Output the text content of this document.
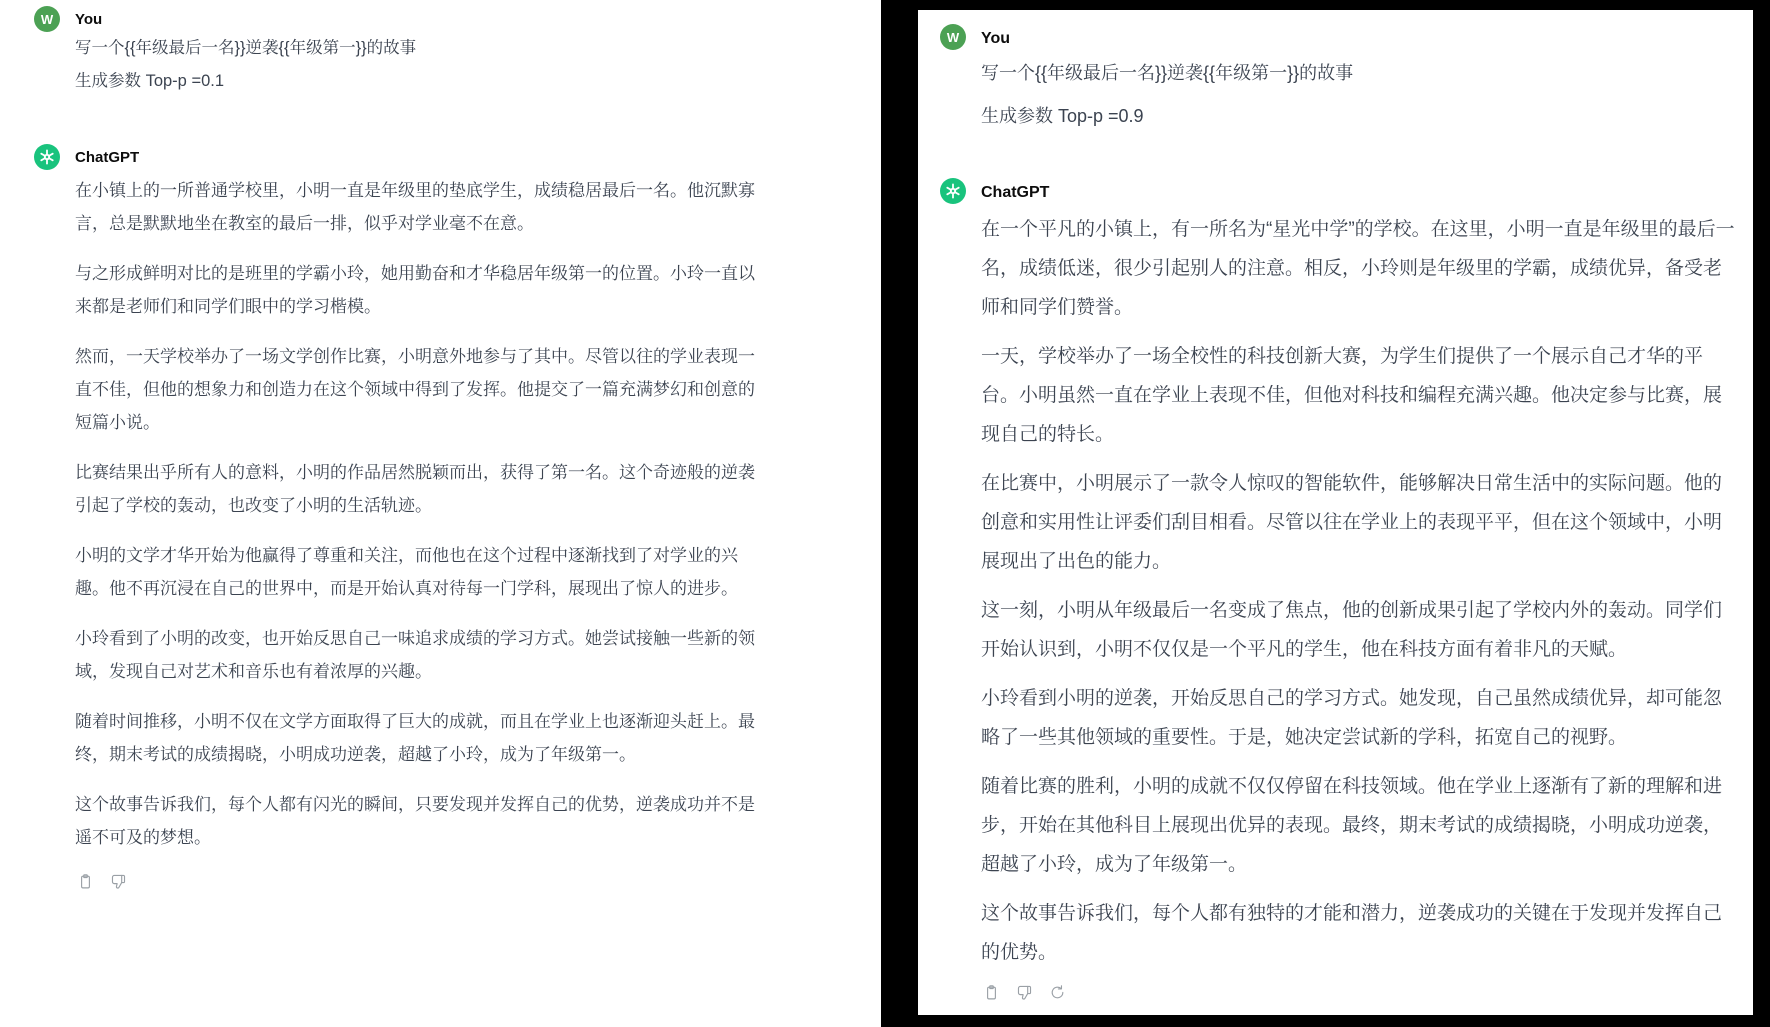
W You

写一个{{年级最后一名}}逆袭{{年级第一}}的故事

生成参数 Top-p =0.1

ChatGPT

在小镇上的一所普通学校里，小明一直是年级里的垫底学生，成绩稳居最后一名。他沉默寡言，总是默默地坐在教室的最后一排，似乎对学业毫不在意。

与之形成鲜明对比的是班里的学霸小玲，她用勤奋和才华稳居年级第一的位置。小玲一直以来都是老师们和同学们眼中的学习楷模。

然而，一天学校举办了一场文学创作比赛，小明意外地参与了其中。尽管以往的学业表现一直不佳，但他的想象力和创造力在这个领域中得到了发挥。他提交了一篇充满梦幻和创意的短篇小说。

比赛结果出乎所有人的意料，小明的作品居然脱颖而出，获得了第一名。这个奇迹般的逆袭引起了学校的轰动，也改变了小明的生活轨迹。

小明的文学才华开始为他赢得了尊重和关注，而他也在这个过程中逐渐找到了对学业的兴趣。他不再沉浸在自己的世界中，而是开始认真对待每一门学科，展现出了惊人的进步。

小玲看到了小明的改变，也开始反思自己一味追求成绩的学习方式。她尝试接触一些新的领域，发现自己对艺术和音乐也有着浓厚的兴趣。

随着时间推移，小明不仅在文学方面取得了巨大的成就，而且在学业上也逐渐迎头赶上。最终，期末考试的成绩揭晓，小明成功逆袭，超越了小玲，成为了年级第一。

这个故事告诉我们，每个人都有闪光的瞬间，只要发现并发挥自己的优势，逆袭成功并不是遥不可及的梦想。

W You

写一个{{年级最后一名}}逆袭{{年级第一}}的故事

生成参数 Top-p =0.9

ChatGPT

在一个平凡的小镇上，有一所名为“星光中学”的学校。在这里，小明一直是年级里的最后一名，成绩低迷，很少引起别人的注意。相反，小玲则是年级里的学霸，成绩优异，备受老师和同学们赞誉。

一天，学校举办了一场全校性的科技创新大赛，为学生们提供了一个展示自己才华的平台。小明虽然一直在学业上表现不佳，但他对科技和编程充满兴趣。他决定参与比赛，展现自己的特长。

在比赛中，小明展示了一款令人惊叹的智能软件，能够解决日常生活中的实际问题。他的创意和实用性让评委们刮目相看。尽管以往在学业上的表现平平，但在这个领域中，小明展现出了出色的能力。

这一刻，小明从年级最后一名变成了焦点，他的创新成果引起了学校内外的轰动。同学们开始认识到，小明不仅仅是一个平凡的学生，他在科技方面有着非凡的天赋。

小玲看到小明的逆袭，开始反思自己的学习方式。她发现，自己虽然成绩优异，却可能忽略了一些其他领域的重要性。于是，她决定尝试新的学科，拓宽自己的视野。

随着比赛的胜利，小明的成就不仅仅停留在科技领域。他在学业上逐渐有了新的理解和进步，开始在其他科目上展现出优异的表现。最终，期末考试的成绩揭晓，小明成功逆袭，超越了小玲，成为了年级第一。

这个故事告诉我们，每个人都有独特的才能和潜力，逆袭成功的关键在于发现并发挥自己的优势。
